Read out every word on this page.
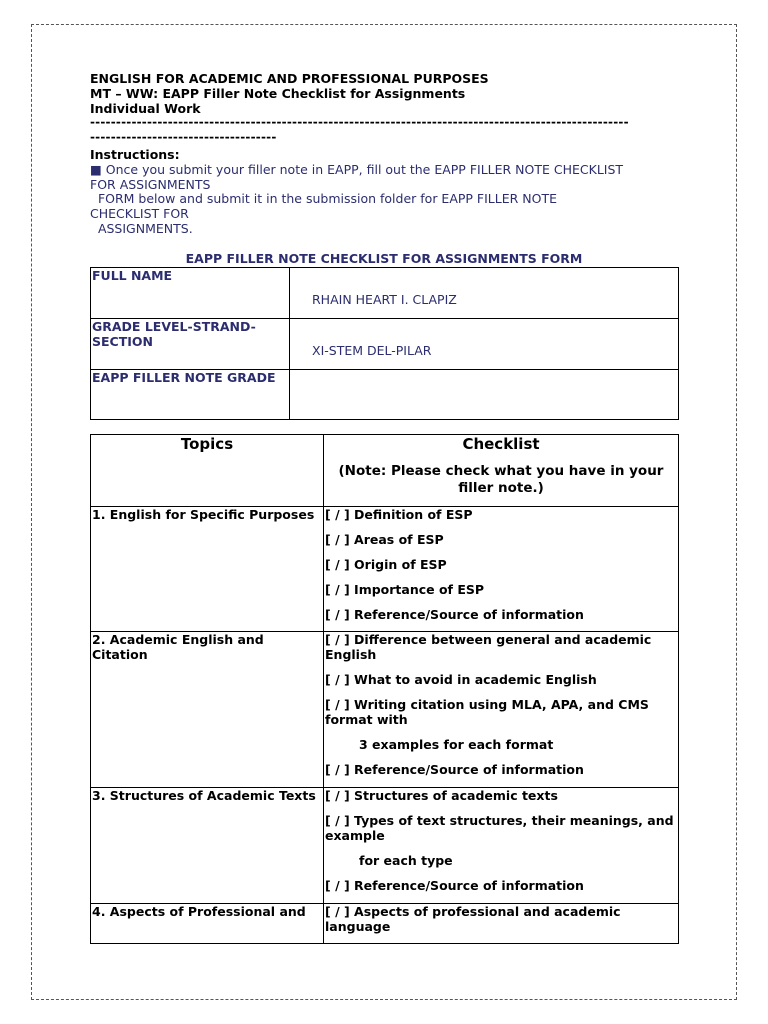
ENGLISH FOR ACADEMIC AND PROFESSIONAL PURPOSES
MT – WW: EAPP Filler Note Checklist for Assignments
Individual Work
--------------------------------------------------------------------------------------------------------
------------------------------------
Instructions:
■ Once you submit your filler note in EAPP, fill out the EAPP FILLER NOTE CHECKLIST
FOR ASSIGNMENTS
FORM below and submit it in the submission folder for EAPP FILLER NOTE
CHECKLIST FOR
ASSIGNMENTS.
EAPP FILLER NOTE CHECKLIST FOR ASSIGNMENTS FORM
FULL NAME	RHAIN HEART I. CLAPIZ
GRADE LEVEL-STRAND-SECTION	XI-STEM DEL-PILAR
EAPP FILLER NOTE GRADE	
Topics	Checklist
(Note: Please check what you have in your filler note.)

1. English for Specific Purposes	[ / ] Definition of ESP
[ / ] Areas of ESP
[ / ] Origin of ESP
[ / ] Importance of ESP
[ / ] Reference/Source of information

2. Academic English and Citation	[ / ] Difference between general and academic English
[ / ] What to avoid in academic English
[ / ] Writing citation using MLA, APA, and CMS format with
3 examples for each format
[ / ] Reference/Source of information

3. Structures of Academic Texts	[ / ] Structures of academic texts
[ / ] Types of text structures, their meanings, and example
for each type
[ / ] Reference/Source of information

4. Aspects of Professional and	[ / ] Aspects of professional and academic language
